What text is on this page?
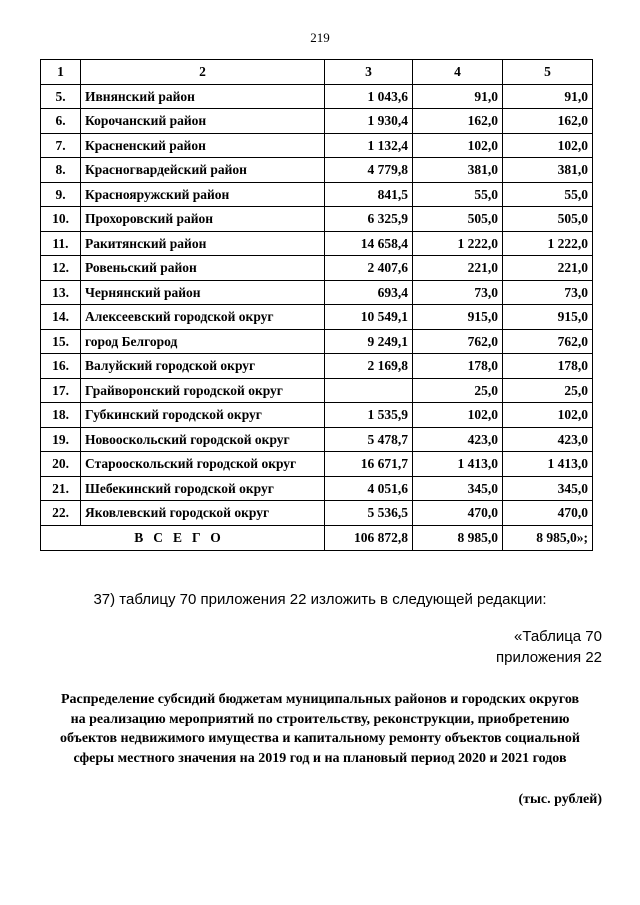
219
1	2	3	4	5
5.	Ивнянский район	1 043,6	91,0	91,0
6.	Корочанский район	1 930,4	162,0	162,0
7.	Красненский район	1 132,4	102,0	102,0
8.	Красногвардейский район	4 779,8	381,0	381,0
9.	Краснояружский район	841,5	55,0	55,0
10.	Прохоровский район	6 325,9	505,0	505,0
11.	Ракитянский район	14 658,4	1 222,0	1 222,0
12.	Ровеньский район	2 407,6	221,0	221,0
13.	Чернянский район	693,4	73,0	73,0
14.	Алексеевский городской округ	10 549,1	915,0	915,0
15.	город Белгород	9 249,1	762,0	762,0
16.	Валуйский городской округ	2 169,8	178,0	178,0
17.	Грайворонский городской округ		25,0	25,0
18.	Губкинский городской округ	1 535,9	102,0	102,0
19.	Новооскольский городской округ	5 478,7	423,0	423,0
20.	Старооскольский городской округ	16 671,7	1 413,0	1 413,0
21.	Шебекинский городской округ	4 051,6	345,0	345,0
22.	Яковлевский городской округ	5 536,5	470,0	470,0
ВСЕГО		106 872,8	8 985,0	8 985,0»;
37) таблицу 70 приложения 22 изложить в следующей редакции:
«Таблица 70
приложения 22
Распределение субсидий бюджетам муниципальных районов и городских округов
на реализацию мероприятий по строительству, реконструкции, приобретению
объектов недвижимого имущества и капитальному ремонту объектов социальной
сферы местного значения на 2019 год и на плановый период 2020 и 2021 годов
(тыс. рублей)
